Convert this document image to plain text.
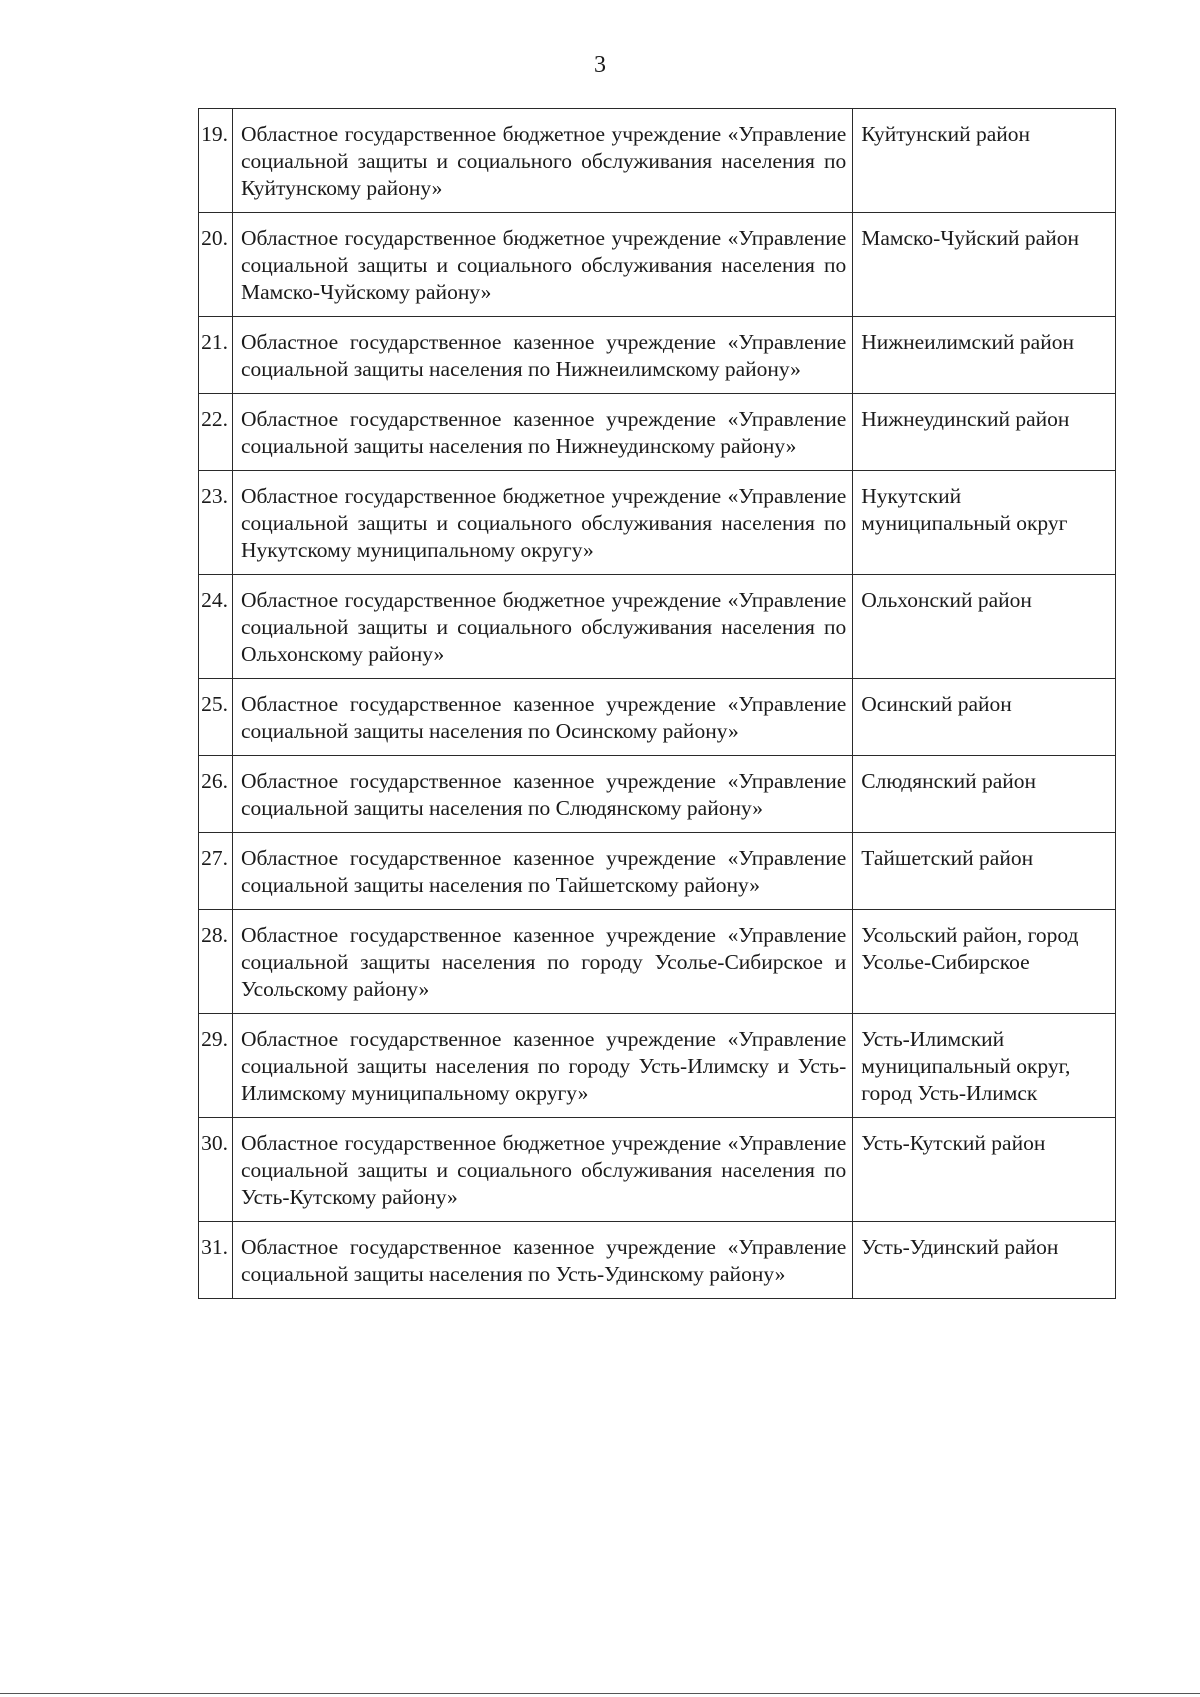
3
19.	Областное государственное бюджетное учреждение «Управление социальной защиты и социального обслуживания населения по Куйтунскому району»	Куйтунский район
20.	Областное государственное бюджетное учреждение «Управление социальной защиты и социального обслуживания населения по Мамско-Чуйскому району»	Мамско-Чуйский район
21.	Областное государственное казенное учреждение «Управление социальной защиты населения по Нижнеилимскому району»	Нижнеилимский район
22.	Областное государственное казенное учреждение «Управление социальной защиты населения по Нижнеудинскому району»	Нижнеудинский район
23.	Областное государственное бюджетное учреждение «Управление социальной защиты и социального обслуживания населения по Нукутскому муниципальному округу»	Нукутский муниципальный округ
24.	Областное государственное бюджетное учреждение «Управление социальной защиты и социального обслуживания населения по Ольхонскому району»	Ольхонский район
25.	Областное государственное казенное учреждение «Управление социальной защиты населения по Осинскому району»	Осинский район
26.	Областное государственное казенное учреждение «Управление социальной защиты населения по Слюдянскому району»	Слюдянский район
27.	Областное государственное казенное учреждение «Управление социальной защиты населения по Тайшетскому району»	Тайшетский район
28.	Областное государственное казенное учреждение «Управление социальной защиты населения по городу Усолье-Сибирское и Усольскому району»	Усольский район, город Усолье-Сибирское
29.	Областное государственное казенное учреждение «Управление социальной защиты населения по городу Усть-Илимску и Усть-Илимскому муниципальному округу»	Усть-Илимский муниципальный округ, город Усть-Илимск
30.	Областное государственное бюджетное учреждение «Управление социальной защиты и социального обслуживания населения по Усть-Кутскому району»	Усть-Кутский район
31.	Областное государственное казенное учреждение «Управление социальной защиты населения по Усть-Удинскому району»	Усть-Удинский район
